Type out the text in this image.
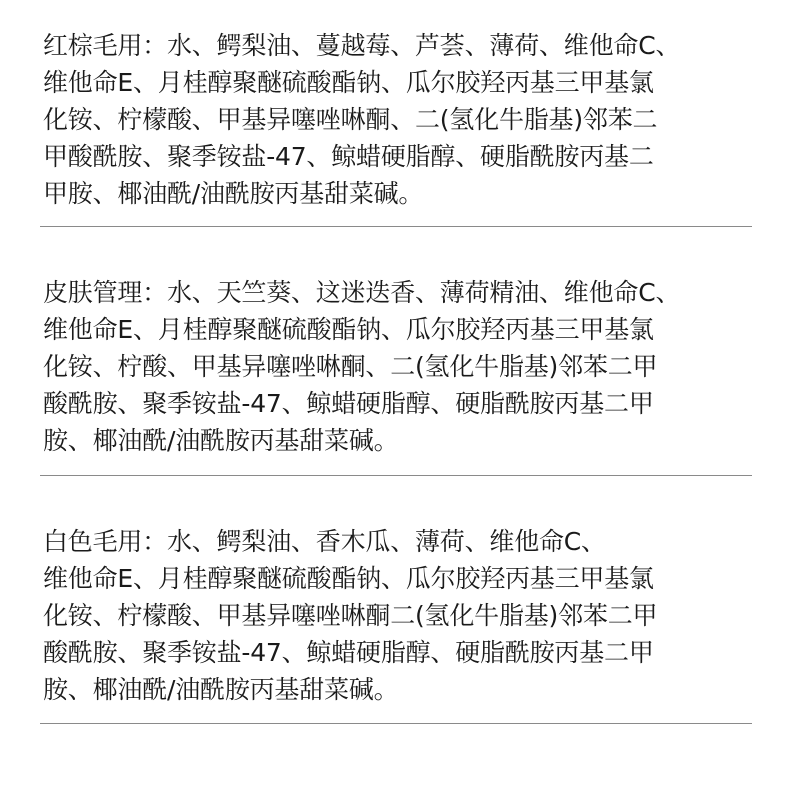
红棕毛用：水、鳄梨油、蔓越莓、芦荟、薄荷、维他命C、
维他命E、月桂醇聚醚硫酸酯钠、瓜尔胶羟丙基三甲基氯
化铵、柠檬酸、甲基异噻唑啉酮、二(氢化牛脂基)邻苯二
甲酸酰胺、聚季铵盐-47、鲸蜡硬脂醇、硬脂酰胺丙基二
甲胺、椰油酰/油酰胺丙基甜菜碱。
皮肤管理：水、天竺葵、这迷迭香、薄荷精油、维他命C、
维他命E、月桂醇聚醚硫酸酯钠、瓜尔胶羟丙基三甲基氯
化铵、柠酸、甲基异噻唑啉酮、二(氢化牛脂基)邻苯二甲
酸酰胺、聚季铵盐-47、鲸蜡硬脂醇、硬脂酰胺丙基二甲
胺、椰油酰/油酰胺丙基甜菜碱。
白色毛用：水、鳄梨油、香木瓜、薄荷、维他命C、
维他命E、月桂醇聚醚硫酸酯钠、瓜尔胶羟丙基三甲基氯
化铵、柠檬酸、甲基异噻唑啉酮二(氢化牛脂基)邻苯二甲
酸酰胺、聚季铵盐-47、鲸蜡硬脂醇、硬脂酰胺丙基二甲
胺、椰油酰/油酰胺丙基甜菜碱。
